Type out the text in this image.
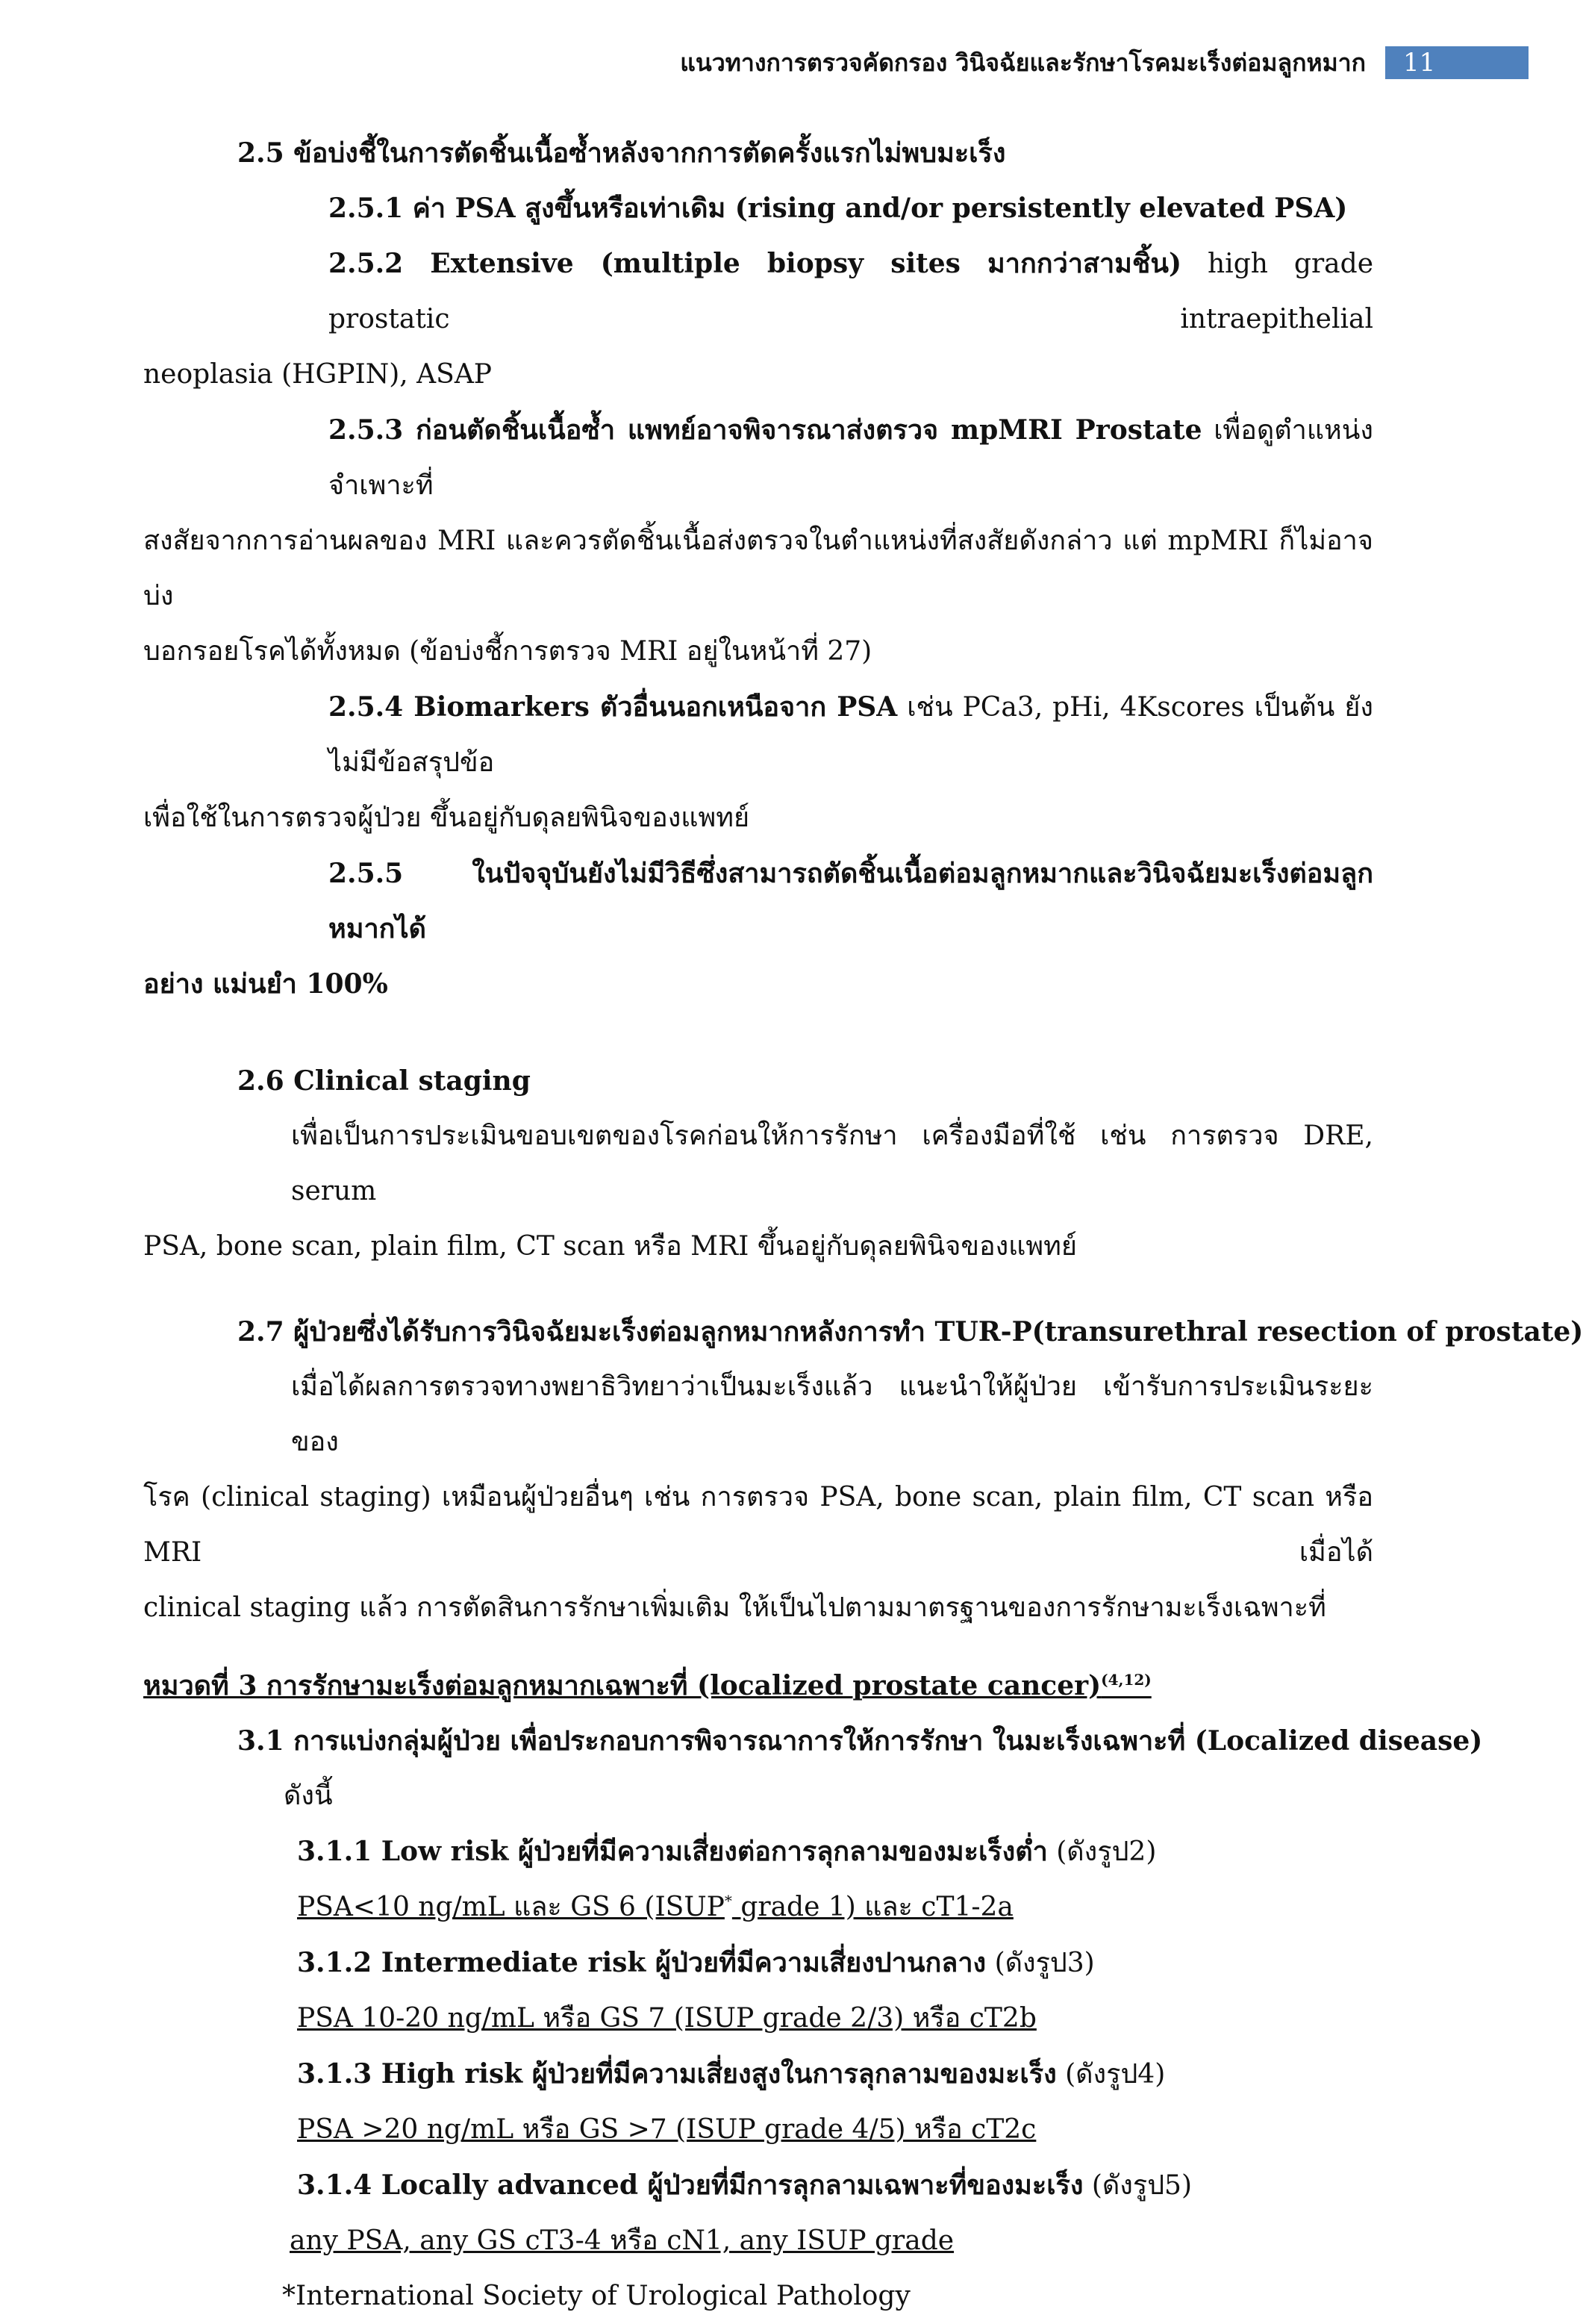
แนวทางการตรวจคัดกรอง วินิจฉัยและรักษาโรคมะเร็งต่อมลูกหมาก	11

2.5 ข้อบ่งชี้ในการตัดชิ้นเนื้อซ้ำหลังจากการตัดครั้งแรกไม่พบมะเร็ง

2.5.1 ค่า PSA สูงขึ้นหรือเท่าเดิม (rising and/or persistently elevated PSA)

2.5.2 Extensive (multiple biopsy sites มากกว่าสามชิ้น) high grade prostatic intraepithelial

neoplasia (HGPIN), ASAP

2.5.3 ก่อนตัดชิ้นเนื้อซ้ำ แพทย์อาจพิจารณาส่งตรวจ mpMRI Prostate เพื่อดูตำแหน่งจำเพาะที่

สงสัยจากการอ่านผลของ MRI และควรตัดชิ้นเนื้อส่งตรวจในตำแหน่งที่สงสัยดังกล่าว แต่ mpMRI ก็ไม่อาจบ่ง

บอกรอยโรคได้ทั้งหมด (ข้อบ่งชี้การตรวจ MRI อยู่ในหน้าที่ 27)

2.5.4 Biomarkers ตัวอื่นนอกเหนือจาก PSA เช่น PCa3, pHi, 4Kscores เป็นต้น ยังไม่มีข้อสรุปข้อ

เพื่อใช้ในการตรวจผู้ป่วย ขึ้นอยู่กับดุลยพินิจของแพทย์

2.5.5 ในปัจจุบันยังไม่มีวิธีซึ่งสามารถตัดชิ้นเนื้อต่อมลูกหมากและวินิจฉัยมะเร็งต่อมลูกหมากได้

อย่าง แม่นยำ 100%

2.6 Clinical staging

เพื่อเป็นการประเมินขอบเขตของโรคก่อนให้การรักษา เครื่องมือที่ใช้ เช่น การตรวจ DRE, serum

PSA, bone scan, plain film, CT scan หรือ MRI ขึ้นอยู่กับดุลยพินิจของแพทย์

2.7 ผู้ป่วยซึ่งได้รับการวินิจฉัยมะเร็งต่อมลูกหมากหลังการทำ TUR-P(transurethral resection of prostate)

เมื่อได้ผลการตรวจทางพยาธิวิทยาว่าเป็นมะเร็งแล้ว แนะนำให้ผู้ป่วย เข้ารับการประเมินระยะของ

โรค (clinical staging) เหมือนผู้ป่วยอื่นๆ เช่น การตรวจ PSA, bone scan, plain film, CT scan หรือ MRI เมื่อได้

clinical staging แล้ว การตัดสินการรักษาเพิ่มเติม ให้เป็นไปตามมาตรฐานของการรักษามะเร็งเฉพาะที่

หมวดที่ 3 การรักษามะเร็งต่อมลูกหมากเฉพาะที่ (localized prostate cancer)$^{(4,12)}$

3.1 การแบ่งกลุ่มผู้ป่วย เพื่อประกอบการพิจารณาการให้การรักษา ในมะเร็งเฉพาะที่ (Localized disease)

ดังนี้

3.1.1 Low risk ผู้ป่วยที่มีความเสี่ยงต่อการลุกลามของมะเร็งต่ำ (ดังรูป2)

PSA<10 ng/mL และ GS 6 (ISUP* grade 1) และ cT1-2a

3.1.2 Intermediate risk ผู้ป่วยที่มีความเสี่ยงปานกลาง (ดังรูป3)

PSA 10-20 ng/mL หรือ GS 7 (ISUP grade 2/3) หรือ cT2b

3.1.3 High risk ผู้ป่วยที่มีความเสี่ยงสูงในการลุกลามของมะเร็ง (ดังรูป4)

PSA >20 ng/mL หรือ GS >7 (ISUP grade 4/5) หรือ cT2c

3.1.4 Locally advanced ผู้ป่วยที่มีการลุกลามเฉพาะที่ของมะเร็ง (ดังรูป5)

any PSA, any GS cT3-4 หรือ cN1, any ISUP grade

*International Society of Urological Pathology
